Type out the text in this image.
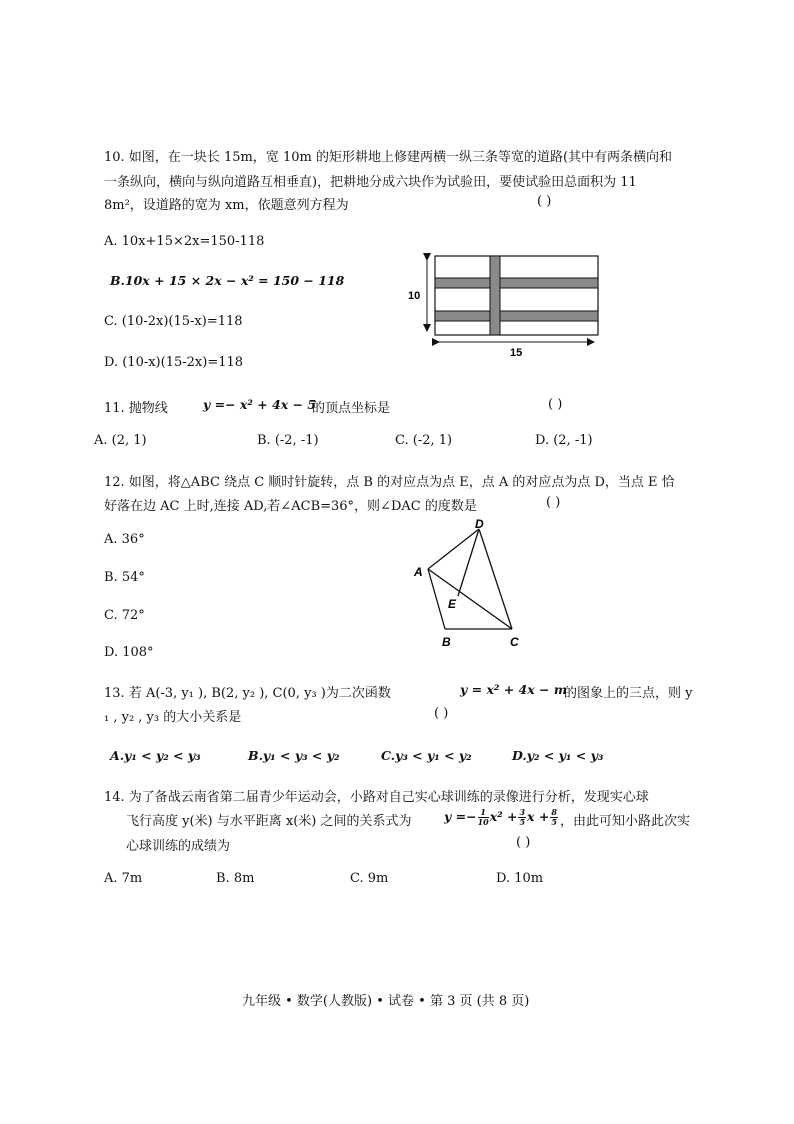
10. 如图，在一块长 15m，宽 10m 的矩形耕地上修建两横一纵三条等宽的道路(其中有两条横向和
一条纵向，横向与纵向道路互相垂直)，把耕地分成六块作为试验田，要使试验田总面积为 11
8m²，设道路的宽为 xm，依题意列方程为	( )
A. 10x+15×2x=150-118
B.10x + 15 × 2x − x² = 150 − 118
C. (10-2x)(15-x)=118
D. (10-x)(15-2x)=118
10
15
11. 抛物线	y =− x² + 4x − 5
的顶点坐标是	( )
A. (2, 1)	B. (-2, -1)	C. (-2, 1)	D. (2, -1)
12. 如图，将△ABC 绕点 C 顺时针旋转，点 B 的对应点为点 E，点 A 的对应点为点 D，当点 E 恰
好落在边 AC 上时,连接 AD,若∠ACB=36°，则∠DAC 的度数是	( )
A. 36°
B. 54°
C. 72°
D. 108°
D
A
E
B	C
13. 若 A(-3, y₁ ), B(2, y₂ ), C(0, y₃ )为二次函数	y = x² + 4x − m
的图象上的三点，则 y
₁ , y₂ , y₃ 的大小关系是	( )
A.y₁ < y₂ < y₃	B.y₁ < y₃ < y₂	C.y₃ < y₁ < y₂	D.y₂ < y₁ < y₃
14. 为了备战云南省第二届青少年运动会，小路对自己实心球训练的录像进行分析，发现实心球
飞行高度 y(米) 与水平距离 x(米) 之间的关系式为	$y =- \frac{1}{10} x^2 + \frac{3}{5}$ $x + \frac{8}{5}$ ，由此可知小路此次实
心球训练的成绩为	( )
A. 7m	B. 8m	C. 9m	D. 10m
九年级 • 数学(人教版) • 试卷 • 第 3 页 (共 8 页)
